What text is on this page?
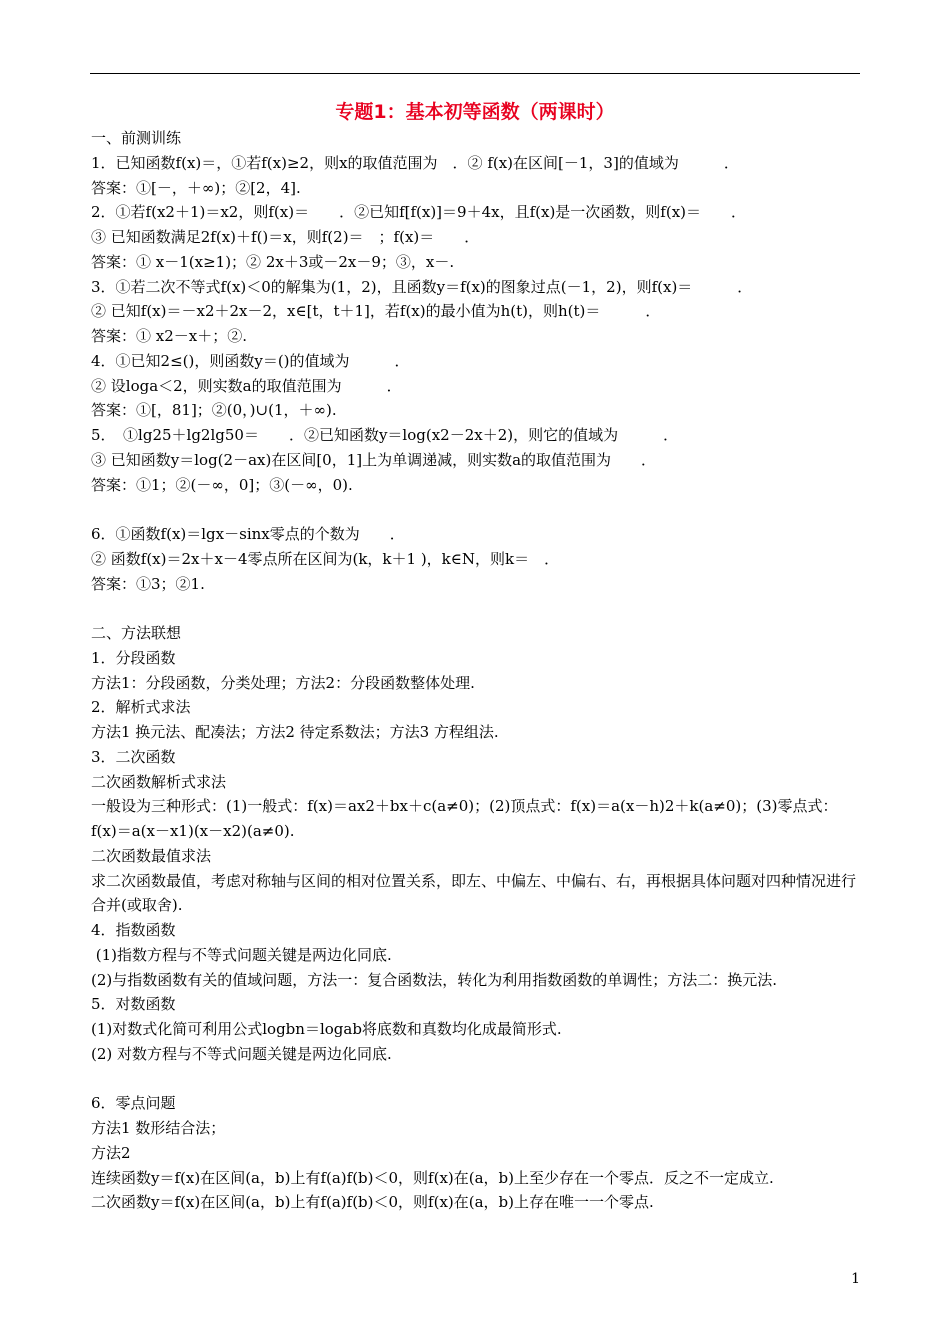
专题1：基本初等函数（两课时）
一、前测训练
1．已知函数f(x)＝，①若f(x)≥2，则x的取值范围为　．② f(x)在区间[－1，3]的值域为　　　．
答案：①[－，＋∞)；②[2，4].
2．①若f(x2＋1)＝x2，则f(x)＝　　．②已知f[f(x)]＝9＋4x，且f(x)是一次函数，则f(x)＝　　．
③ 已知函数满足2f(x)＋f()＝x，则f(2)＝　；f(x)＝　　．
答案：① x－1(x≥1)；② 2x＋3或－2x－9；③，x－.
3．①若二次不等式f(x)＜0的解集为(1，2)，且函数y＝f(x)的图象过点(－1，2)，则f(x)＝　　　．
② 已知f(x)＝－x2＋2x－2，x∈[t，t＋1]，若f(x)的最小值为h(t)，则h(t)＝　　　．
答案：① x2－x＋；②.
4．①已知2≤()，则函数y＝()的值域为　　　．
② 设loga＜2，则实数a的取值范围为　　　．
答案：①[，81]；②(0，)∪(1，＋∞).
5．　①lg25＋lg2lg50＝　　．②已知函数y＝log(x2－2x＋2)，则它的值域为　　　．
③ 已知函数y＝log(2－ax)在区间[0，1]上为单调递减，则实数a的取值范围为　　．
答案：①1；②(－∞，0]；③(－∞，0).
6．①函数f(x)＝lgx－sinx零点的个数为　　．
② 函数f(x)＝2x＋x－4零点所在区间为(k，k＋1 )，k∈N，则k＝　．
答案：①3；②1.
二、方法联想
1．分段函数
方法1：分段函数，分类处理；方法2：分段函数整体处理.
2．解析式求法
方法1 换元法、配凑法；方法2 待定系数法；方法3 方程组法.
3．二次函数
二次函数解析式求法
一般设为三种形式：(1)一般式：f(x)＝ax2＋bx＋c(a≠0)；(2)顶点式：f(x)＝a(x－h)2＋k(a≠0)；(3)零点式：f(x)＝a(x－x1)(x－x2)(a≠0).
二次函数最值求法
求二次函数最值，考虑对称轴与区间的相对位置关系，即左、中偏左、中偏右、右，再根据具体问题对四种情况进行合并(或取舍).
4．指数函数
(1)指数方程与不等式问题关键是两边化同底.
(2)与指数函数有关的值域问题，方法一：复合函数法，转化为利用指数函数的单调性；方法二：换元法.
5．对数函数
(1)对数式化简可利用公式logbn＝logab将底数和真数均化成最简形式.
(2) 对数方程与不等式问题关键是两边化同底.
6．零点问题
方法1 数形结合法；
方法2
连续函数y＝f(x)在区间(a，b)上有f(a)f(b)＜0，则f(x)在(a，b)上至少存在一个零点．反之不一定成立.
二次函数y＝f(x)在区间(a，b)上有f(a)f(b)＜0，则f(x)在(a，b)上存在唯一一个零点.
1
